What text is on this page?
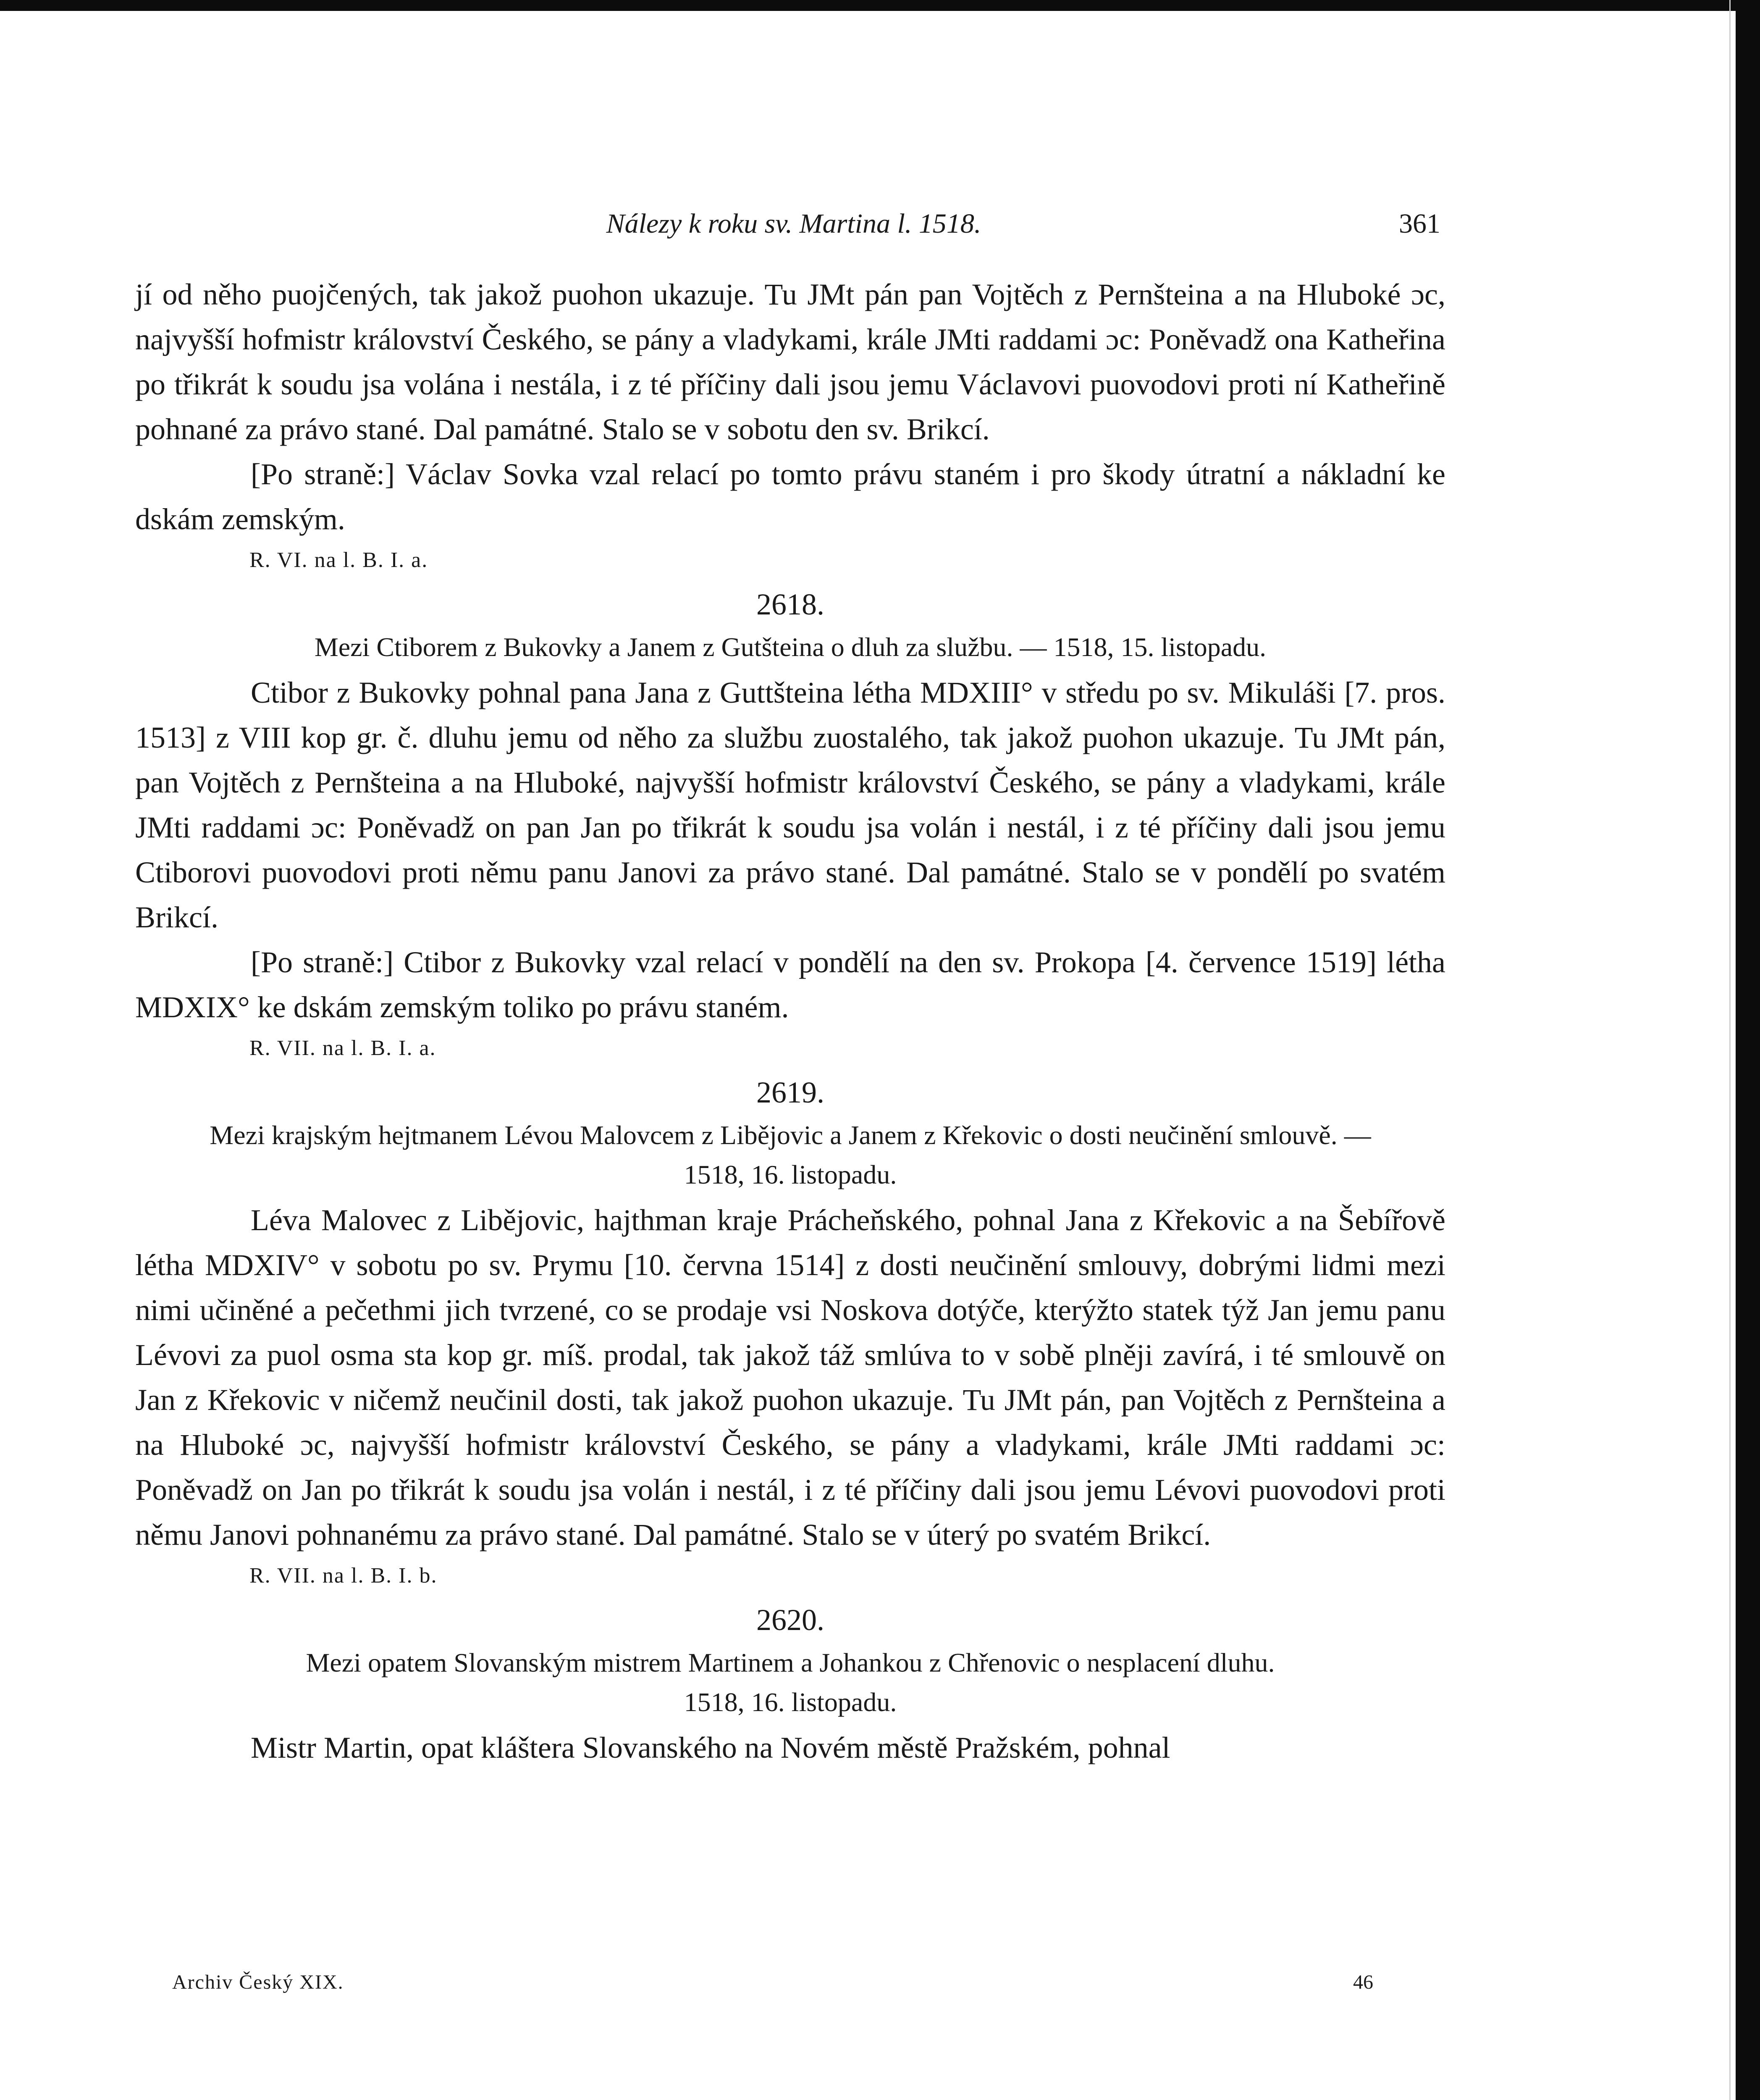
Nálezy k roku sv. Martina l. 1518.	361

jí od něho puojčených, tak jakož puohon ukazuje. Tu JMt pán pan Vojtěch z Pernšteina a na Hluboké ɔc, najvyšší hofmistr království Českého, se pány a vladykami, krále JMti raddami ɔc: Poněvadž ona Katheřina po třikrát k soudu jsa volána i nestála, i z té příčiny dali jsou jemu Václavovi puovodovi proti ní Katheřině pohnané za právo stané. Dal památné. Stalo se v sobotu den sv. Brikcí.

[Po straně:] Václav Sovka vzal relací po tomto právu staném i pro škody útratní a nákladní ke dskám zemským.

R. VI. na l. B. I. a.
2618.
Mezi Ctiborem z Bukovky a Janem z Gutšteina o dluh za službu. — 1518, 15. listopadu.

Ctibor z Bukovky pohnal pana Jana z Guttšteina létha MDXIII° v středu po sv. Mikuláši [7. pros. 1513] z VIII kop gr. č. dluhu jemu od něho za službu zuostalého, tak jakož puohon ukazuje. Tu JMt pán, pan Vojtěch z Pernšteina a na Hluboké, najvyšší hofmistr království Českého, se pány a vladykami, krále JMti raddami ɔc: Poněvadž on pan Jan po třikrát k soudu jsa volán i nestál, i z té příčiny dali jsou jemu Ctiborovi puovodovi proti němu panu Janovi za právo stané. Dal památné. Stalo se v pondělí po svatém Brikcí.

[Po straně:] Ctibor z Bukovky vzal relací v pondělí na den sv. Prokopa [4. července 1519] létha MDXIX° ke dskám zemským toliko po právu staném.

R. VII. na l. B. I. a.
2619.
Mezi krajským hejtmanem Lévou Malovcem z Libějovic a Janem z Křekovic o dosti neučinění smlouvě. — 1518, 16. listopadu.

Léva Malovec z Libějovic, hajthman kraje Prácheňského, pohnal Jana z Křekovic a na Šebířově létha MDXIV° v sobotu po sv. Prymu [10. června 1514] z dosti neučinění smlouvy, dobrými lidmi mezi nimi učiněné a pečethmi jich tvrzené, co se prodaje vsi Noskova dotýče, kterýžto statek týž Jan jemu panu Lévovi za puol osma sta kop gr. míš. prodal, tak jakož táž smlúva to v sobě plněji zavírá, i té smlouvě on Jan z Křekovic v ničemž neučinil dosti, tak jakož puohon ukazuje. Tu JMt pán, pan Vojtěch z Pernšteina a na Hluboké ɔc, najvyšší hofmistr království Českého, se pány a vladykami, krále JMti raddami ɔc: Poněvadž on Jan po třikrát k soudu jsa volán i nestál, i z té příčiny dali jsou jemu Lévovi puovodovi proti němu Janovi pohnanému za právo stané. Dal památné. Stalo se v úterý po svatém Brikcí.

R. VII. na l. B. I. b.
2620.
Mezi opatem Slovanským mistrem Martinem a Johankou z Chřenovic o nesplacení dluhu.
1518, 16. listopadu.

Mistr Martin, opat kláštera Slovanského na Novém městě Pražském, pohnal

Archiv Český XIX.	46
